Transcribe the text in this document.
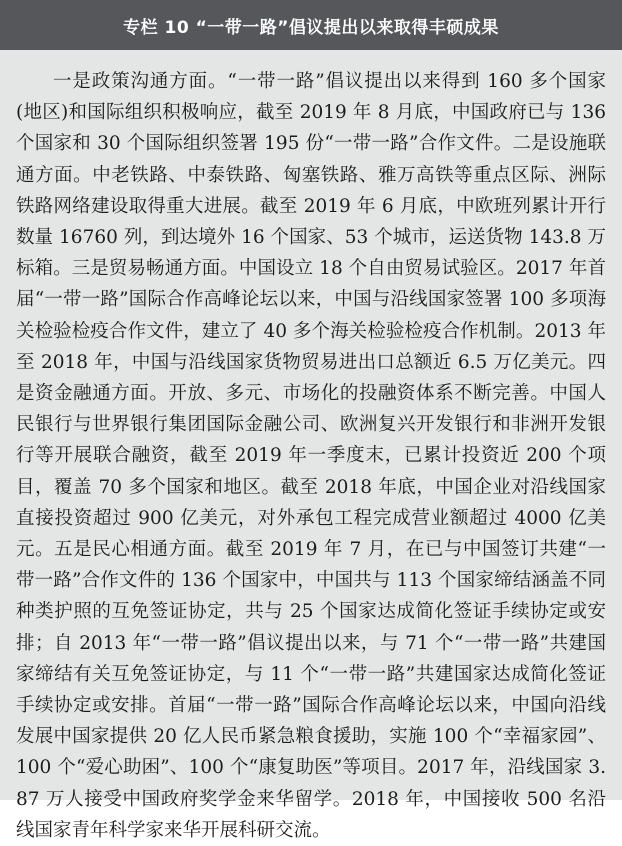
专栏 10 “一带一路”倡议提出以来取得丰硕成果

一是政策沟通方面。“一带一路”倡议提出以来得到 160 多个国家(地区)和国际组织积极响应，截至 2019 年 8 月底，中国政府已与 136 个国家和 30 个国际组织签署 195 份“一带一路”合作文件。二是设施联通方面。中老铁路、中泰铁路、匈塞铁路、雅万高铁等重点区际、洲际铁路网络建设取得重大进展。截至 2019 年 6 月底，中欧班列累计开行数量 16760 列，到达境外 16 个国家、53 个城市，运送货物 143.8 万标箱。三是贸易畅通方面。中国设立 18 个自由贸易试验区。2017 年首届“一带一路”国际合作高峰论坛以来，中国与沿线国家签署 100 多项海关检验检疫合作文件，建立了 40 多个海关检验检疫合作机制。2013 年至 2018 年，中国与沿线国家货物贸易进出口总额近 6.5 万亿美元。四是资金融通方面。开放、多元、市场化的投融资体系不断完善。中国人民银行与世界银行集团国际金融公司、欧洲复兴开发银行和非洲开发银行等开展联合融资，截至 2019 年一季度末，已累计投资近 200 个项目，覆盖 70 多个国家和地区。截至 2018 年底，中国企业对沿线国家直接投资超过 900 亿美元，对外承包工程完成营业额超过 4000 亿美元。五是民心相通方面。截至 2019 年 7 月，在已与中国签订共建“一带一路”合作文件的 136 个国家中，中国共与 113 个国家缔结涵盖不同种类护照的互免签证协定，共与 25 个国家达成简化签证手续协定或安排；自 2013 年“一带一路”倡议提出以来，与 71 个“一带一路”共建国家缔结有关互免签证协定，与 11 个“一带一路”共建国家达成简化签证手续协定或安排。首届“一带一路”国际合作高峰论坛以来，中国向沿线发展中国家提供 20 亿人民币紧急粮食援助，实施 100 个“幸福家园”、100 个“爱心助困”、100 个“康复助医”等项目。2017 年，沿线国家 3.87 万人接受中国政府奖学金来华留学。2018 年，中国接收 500 名沿线国家青年科学家来华开展科研交流。
